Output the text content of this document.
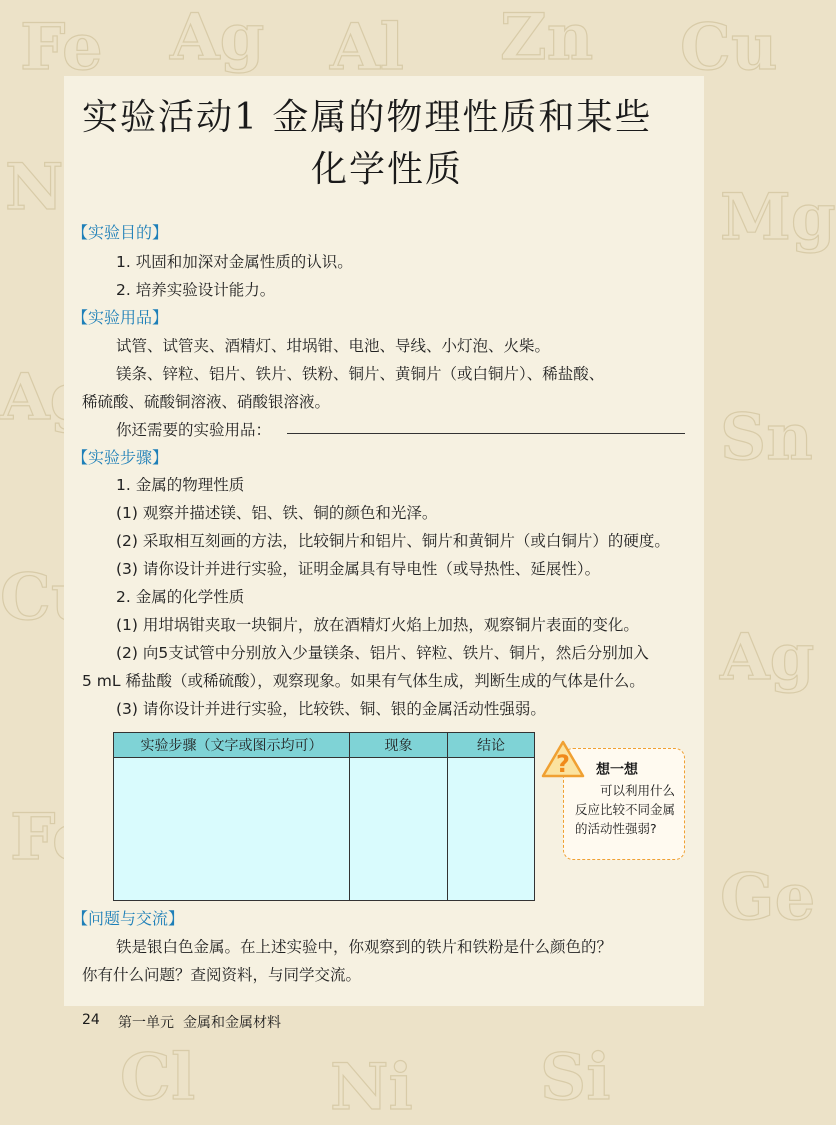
Fe Ag Al Zn Cu
Ni	Mg
Ag
Sn
Cu
Ag
Fe
Ge
Cl Ni Si
实验活动1 金属的物理性质和某些
化学性质
【实验目的】
1. 巩固和加深对金属性质的认识。
2. 培养实验设计能力。
【实验用品】
试管、试管夹、酒精灯、坩埚钳、电池、导线、小灯泡、火柴。
镁条、锌粒、铝片、铁片、铁粉、铜片、黄铜片（或白铜片）、稀盐酸、
稀硫酸、硫酸铜溶液、硝酸银溶液。
你还需要的实验用品：
【实验步骤】
1. 金属的物理性质
(1) 观察并描述镁、铝、铁、铜的颜色和光泽。
(2) 采取相互刻画的方法，比较铜片和铝片、铜片和黄铜片（或白铜片）的硬度。
(3) 请你设计并进行实验，证明金属具有导电性（或导热性、延展性）。
2. 金属的化学性质
(1) 用坩埚钳夹取一块铜片，放在酒精灯火焰上加热，观察铜片表面的变化。
(2) 向5支试管中分别放入少量镁条、铝片、锌粒、铁片、铜片，然后分别加入
5 mL 稀盐酸（或稀硫酸），观察现象。如果有气体生成，判断生成的气体是什么。
(3) 请你设计并进行实验，比较铁、铜、银的金属活动性强弱。
实验步骤（文字或图示均可）	现象	结论

? 想一想
可以利用什么反应比较不同金属的活动性强弱?
【问题与交流】
铁是银白色金属。在上述实验中，你观察到的铁片和铁粉是什么颜色的？
你有什么问题？查阅资料，与同学交流。
24 第一单元 金属和金属材料
